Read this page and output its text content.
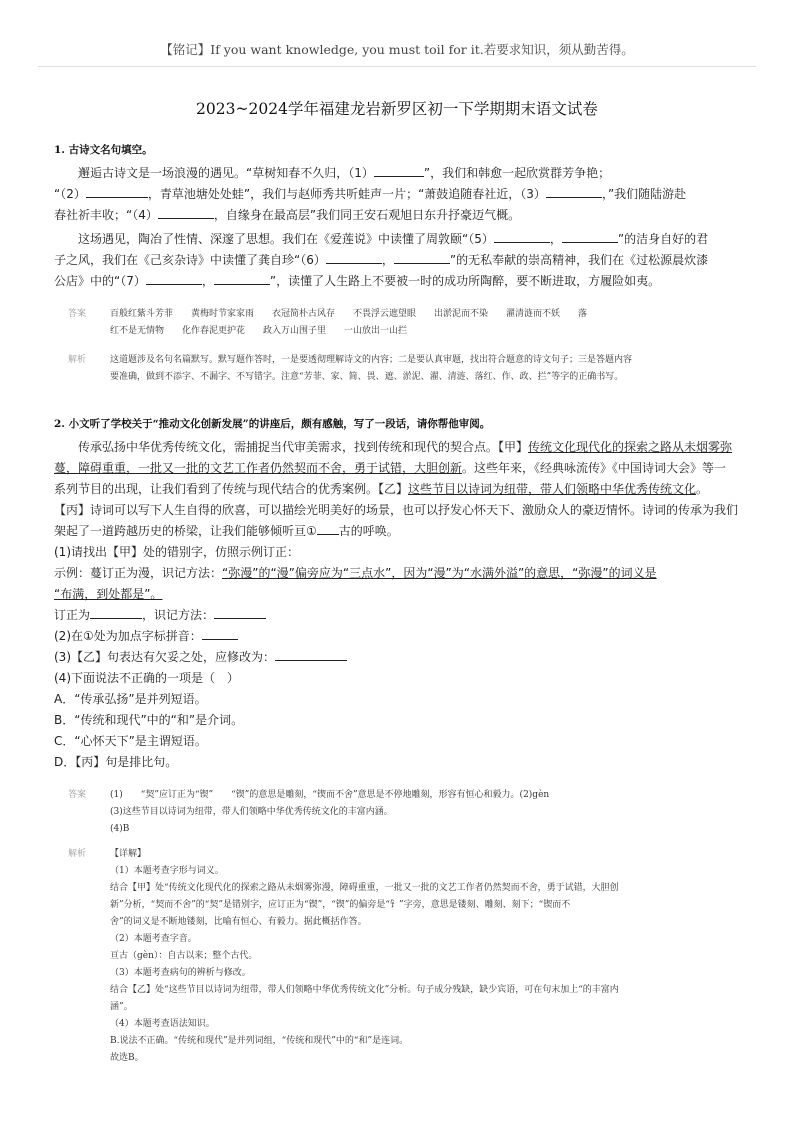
【铭记】If you want knowledge, you must toil for it.若要求知识，须从勤苦得。
2023~2024学年福建龙岩新罗区初一下学期期末语文试卷
1. 古诗文名句填空。

邂逅古诗文是一场浪漫的遇见。“草树知春不久归，（1）	”，我们和韩愈一起欣赏群芳争艳；

“（2）	，青草池塘处处蛙”，我们与赵师秀共听蛙声一片；“萧鼓追随春社近，（3）	，”我们随陆游赴

春社祈丰收；“（4）	，自缘身在最高层”我们同王安石观旭日东升抒豪迈气概。

这场遇见，陶冶了性情、深邃了思想。我们在《爱莲说》中读懂了周敦颐“（5）	，	”的洁身自好的君

子之风，我们在《己亥杂诗》中读懂了龚自珍“（6）	，	”的无私奉献的崇高精神，我们在《过松源晨炊漆

公店》中的“（7）	，	”，读懂了人生路上不要被一时的成功所陶醉，要不断进取，方履险如夷。

答案	百般红紫斗芳菲　　黄梅时节家家雨　　衣冠简朴古风存　　不畏浮云遮望眼　　出淤泥而不染　　濯清涟而不妖　　落

红不是无情物　　化作春泥更护花　　政入万山围子里　　一山放出一山拦

解析	这道题涉及名句名篇默写。默写题作答时，一是要透彻理解诗文的内容；二是要认真审题，找出符合题意的诗文句子；三是答题内容

要准确，做到不添字、不漏字、不写错字。注意“芳菲、家、简、畏、遮、淤泥、濯、清涟、落红、作、政、拦”等字的正确书写。

2. 小文听了学校关于“推动文化创新发展”的讲座后，颇有感触，写了一段话，请你帮他审阅。

传承弘扬中华优秀传统文化，需捕捉当代审美需求，找到传统和现代的契合点。【甲】传统文化现代化的探索之路从未烟雾弥

蔓，障碍重重，一批又一批的文艺工作者仍然契而不舍，勇于试错，大胆创新。这些年来，《经典咏流传》《中国诗词大会》等一

系列节目的出现，让我们看到了传统与现代结合的优秀案例。【乙】这些节目以诗词为纽带，带人们领略中华优秀传统文化。

【丙】诗词可以写下人生自得的欣喜，可以描绘光明美好的场景，也可以抒发心怀天下、激励众人的豪迈情怀。诗词的传承为我们

架起了一道跨越历史的桥梁，让我们能够倾听亘① 古的呼唤。

(1)请找出【甲】处的错别字，仿照示例订正：

示例：蔓订正为漫，识记方法：“弥漫”的“漫”偏旁应为“三点水”，因为“漫”为“水满外溢”的意思，“弥漫”的词义是

“布满，到处都是”。

订正为	，识记方法：

(2)在①处为加点字标拼音：

(3)【乙】句表达有欠妥之处，应修改为：

(4)下面说法不正确的一项是（　）

A．“传承弘扬”是并列短语。

B．“传统和现代”中的“和”是介词。

C．“心怀天下”是主谓短语。

D．【丙】句是排比句。

答案	(1)　　“契”应订正为“锲”　　“锲”的意思是雕刻，“锲而不舍”意思是不停地雕刻，形容有恒心和毅力。(2)gèn

(3)这些节目以诗词为纽带，带人们领略中华优秀传统文化的丰富内涵。

(4)B

解析	【详解】

（1）本题考查字形与词义。

结合【甲】处“传统文化现代化的探索之路从未烟雾弥漫，障碍重重，一批又一批的文艺工作者仍然契而不舍，勇于试错，大胆创

新”分析，“契而不舍”的“契”是错别字，应订正为“锲”，“锲”的偏旁是“钅”字旁，意思是镂刻、雕刻、刻下；“锲而不

舍”的词义是不断地镂刻，比喻有恒心、有毅力。据此概括作答。

（2）本题考查字音。

亘古（gèn）：自古以来；整个古代。

（3）本题考查病句的辨析与修改。

结合【乙】处“这些节目以诗词为纽带，带人们领略中华优秀传统文化”分析。句子成分残缺，缺少宾语，可在句末加上“的丰富内

涵”。

（4）本题考查语法知识。

B.说法不正确。“传统和现代”是并列词组，“传统和现代”中的“和”是连词。

故选B。
